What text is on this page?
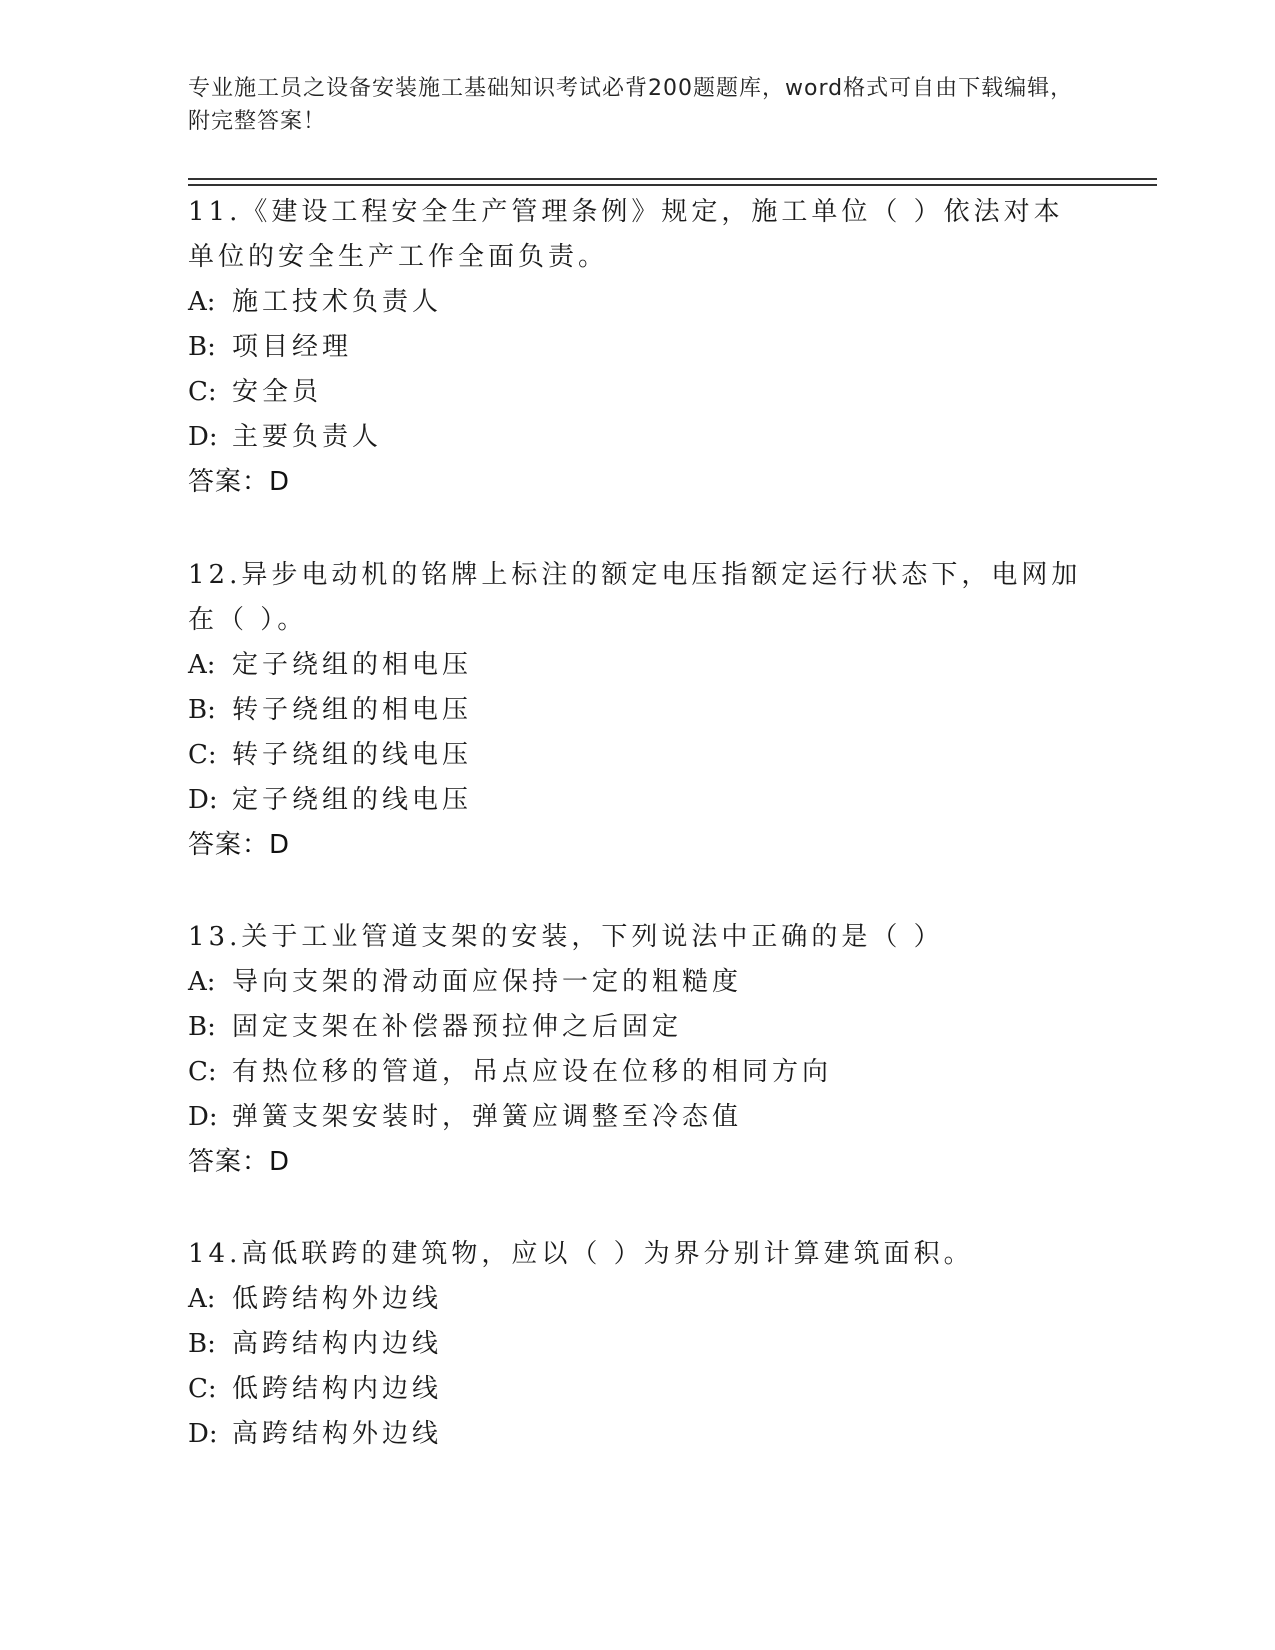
专业施工员之设备安装施工基础知识考试必背200题题库，word格式可自由下载编辑，附完整答案！

11.《建设工程安全生产管理条例》规定，施工单位（ ）依法对本单位的安全生产工作全面负责。

A: 施工技术负责人

B: 项目经理

C: 安全员

D: 主要负责人

答案：D

12.异步电动机的铭牌上标注的额定电压指额定运行状态下，电网加在（ ）。

A: 定子绕组的相电压

B: 转子绕组的相电压

C: 转子绕组的线电压

D: 定子绕组的线电压

答案：D

13.关于工业管道支架的安装，下列说法中正确的是（ ）

A: 导向支架的滑动面应保持一定的粗糙度

B: 固定支架在补偿器预拉伸之后固定

C: 有热位移的管道，吊点应设在位移的相同方向

D: 弹簧支架安装时，弹簧应调整至冷态值

答案：D

14.高低联跨的建筑物，应以（ ）为界分别计算建筑面积。

A: 低跨结构外边线

B: 高跨结构内边线

C: 低跨结构内边线

D: 高跨结构外边线
